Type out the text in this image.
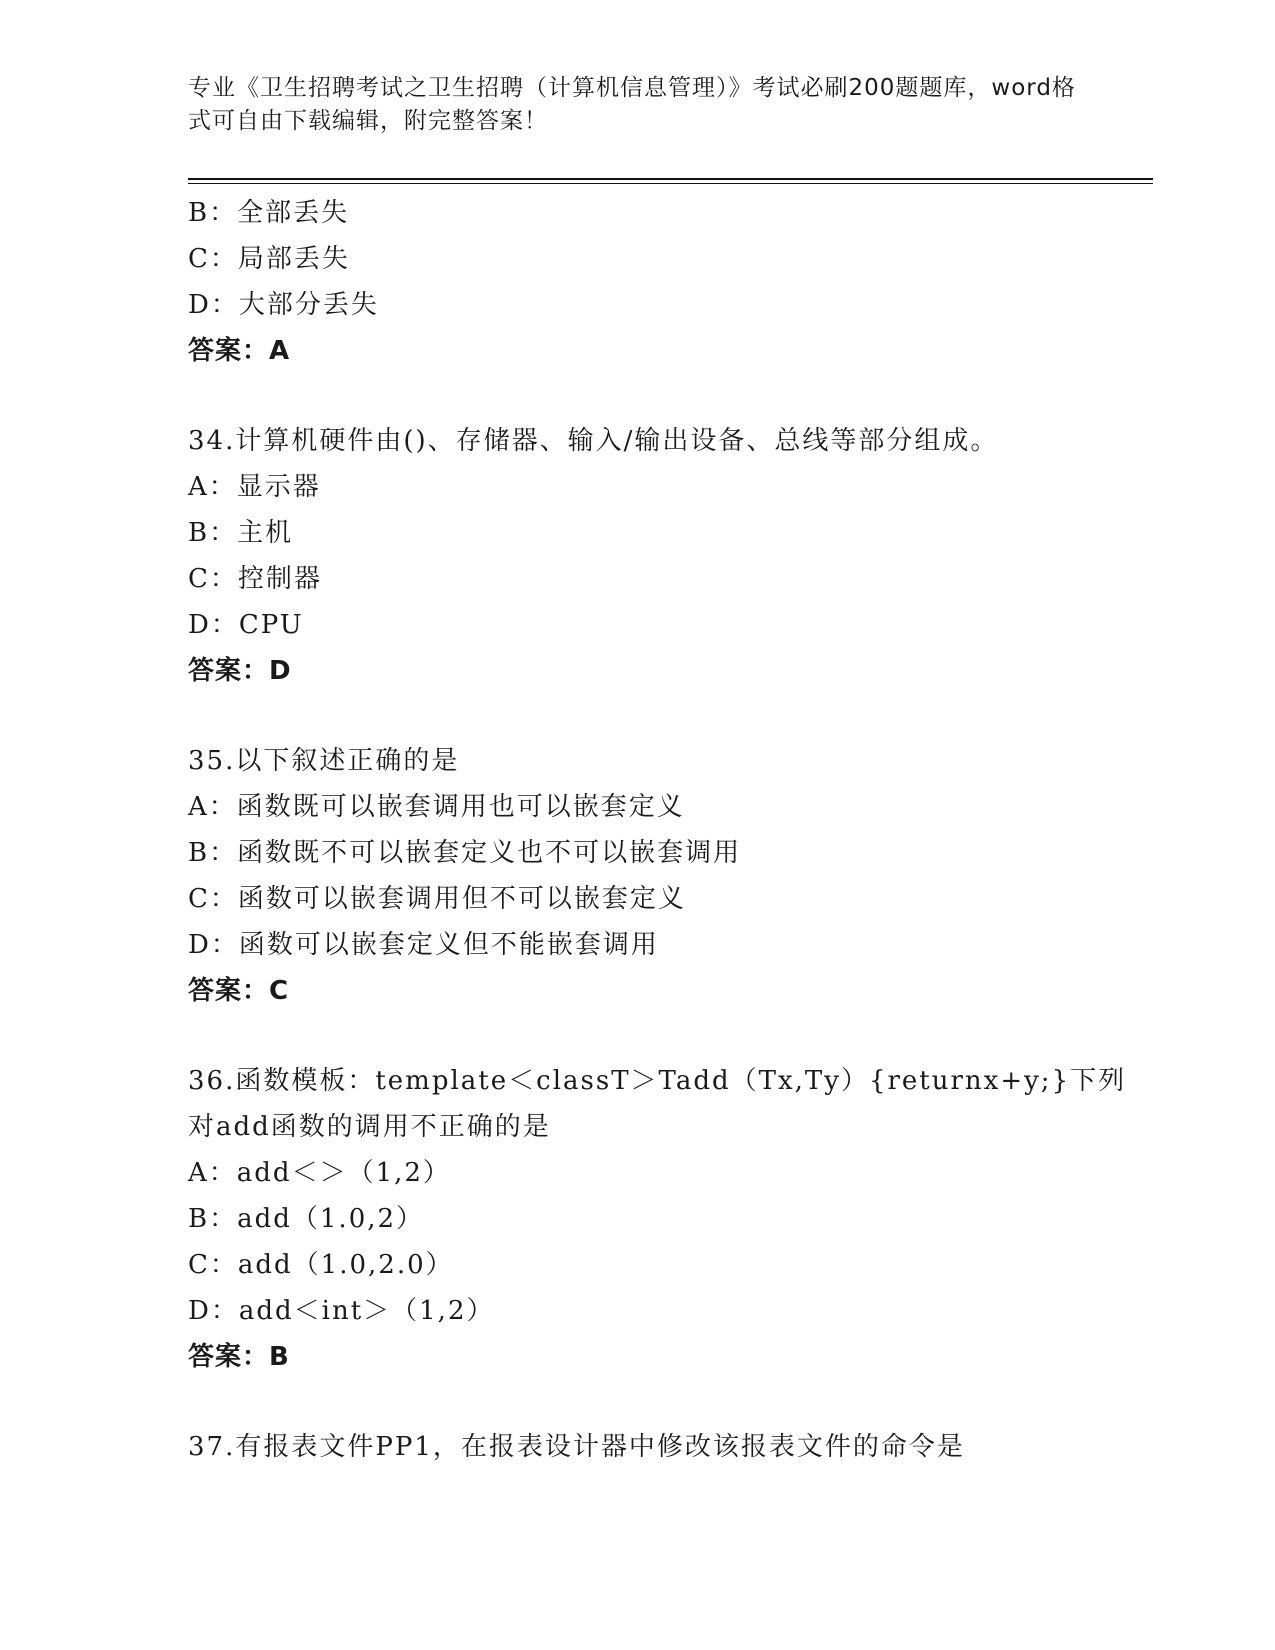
专业《卫生招聘考试之卫生招聘（计算机信息管理）》考试必刷200题题库，word格式可自由下载编辑，附完整答案！
B：全部丢失
C：局部丢失
D：大部分丢失
答案：A
34.计算机硬件由()、存储器、输入/输出设备、总线等部分组成。
A：显示器
B：主机
C：控制器
D：CPU
答案：D
35.以下叙述正确的是
A：函数既可以嵌套调用也可以嵌套定义
B：函数既不可以嵌套定义也不可以嵌套调用
C：函数可以嵌套调用但不可以嵌套定义
D：函数可以嵌套定义但不能嵌套调用
答案：C
36.函数模板：template＜classT＞Tadd（Tx,Ty）{returnx+y;}下列对add函数的调用不正确的是
A：add＜＞（1,2）
B：add（1.0,2）
C：add（1.0,2.0）
D：add＜int＞（1,2）
答案：B
37.有报表文件PP1，在报表设计器中修改该报表文件的命令是
